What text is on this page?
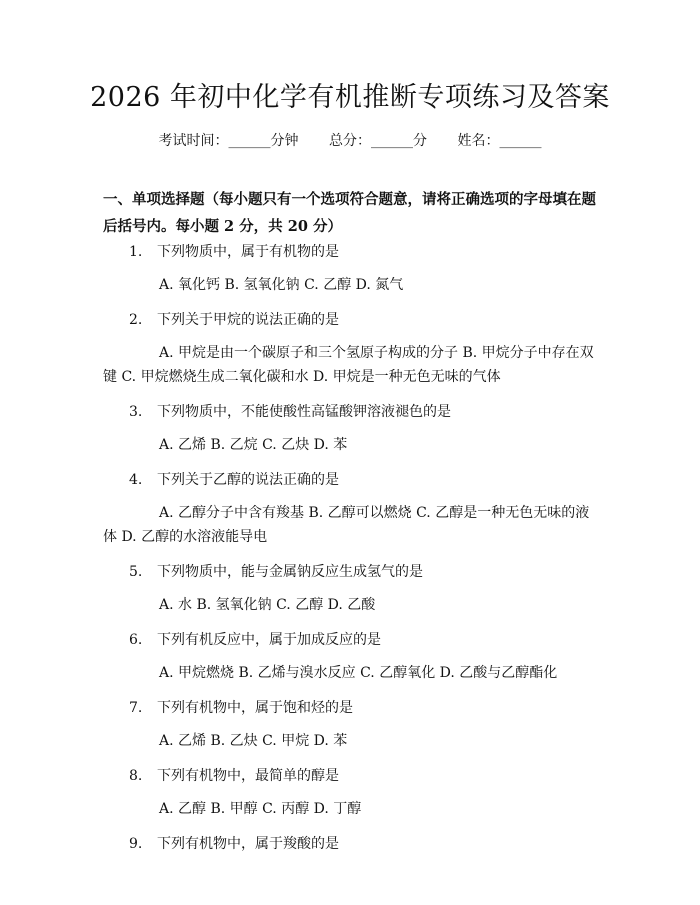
2026 年初中化学有机推断专项练习及答案
考试时间：______分钟 总分：______分 姓名：______
一、单项选择题（每小题只有一个选项符合题意，请将正确选项的字母填在题后括号内。每小题 2 分，共 20 分）

1. 下列物质中，属于有机物的是

A. 氧化钙 B. 氢氧化钠 C. 乙醇 D. 氮气

2. 下列关于甲烷的说法正确的是

A. 甲烷是由一个碳原子和三个氢原子构成的分子 B. 甲烷分子中存在双键 C. 甲烷燃烧生成二氧化碳和水 D. 甲烷是一种无色无味的气体

3. 下列物质中，不能使酸性高锰酸钾溶液褪色的是

A. 乙烯 B. 乙烷 C. 乙炔 D. 苯

4. 下列关于乙醇的说法正确的是

A. 乙醇分子中含有羧基 B. 乙醇可以燃烧 C. 乙醇是一种无色无味的液体 D. 乙醇的水溶液能导电

5. 下列物质中，能与金属钠反应生成氢气的是

A. 水 B. 氢氧化钠 C. 乙醇 D. 乙酸

6. 下列有机反应中，属于加成反应的是

A. 甲烷燃烧 B. 乙烯与溴水反应 C. 乙醇氧化 D. 乙酸与乙醇酯化

7. 下列有机物中，属于饱和烃的是

A. 乙烯 B. 乙炔 C. 甲烷 D. 苯

8. 下列有机物中，最简单的醇是

A. 乙醇 B. 甲醇 C. 丙醇 D. 丁醇

9. 下列有机物中，属于羧酸的是
